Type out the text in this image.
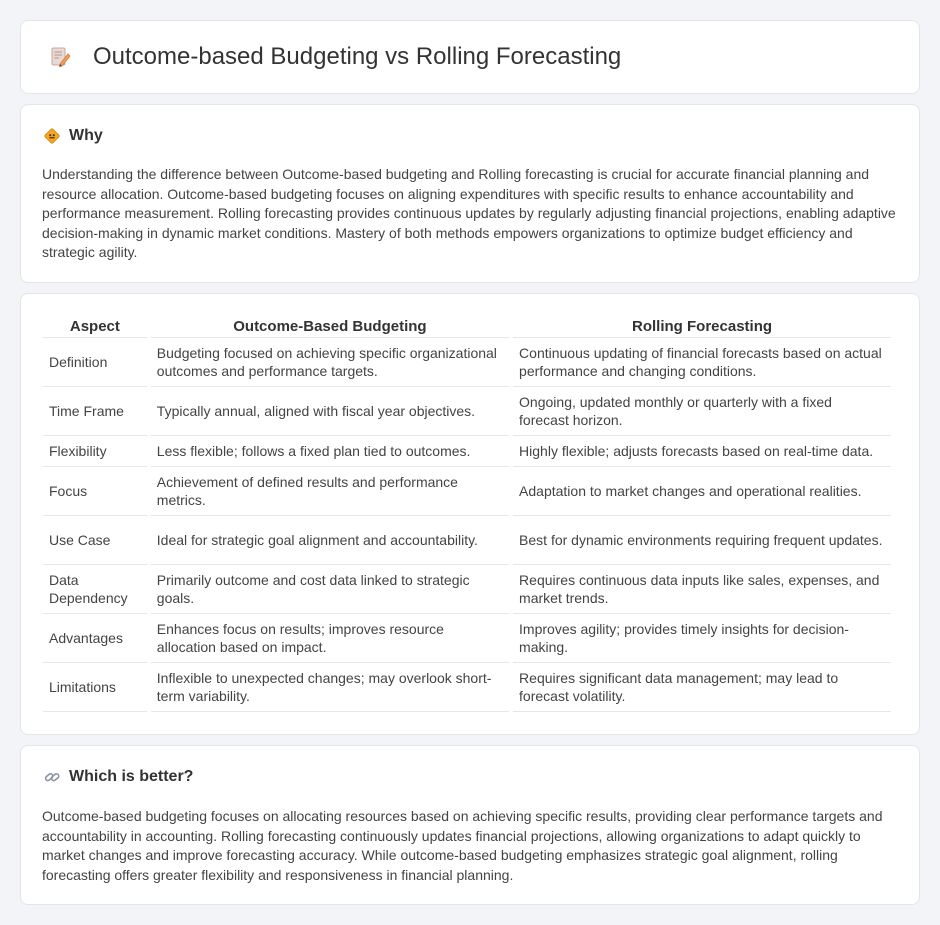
Outcome-based Budgeting vs Rolling Forecasting
Why

Understanding the difference between Outcome-based budgeting and Rolling forecasting is crucial for accurate financial planning and resource allocation. Outcome-based budgeting focuses on aligning expenditures with specific results to enhance accountability and performance measurement. Rolling forecasting provides continuous updates by regularly adjusting financial projections, enabling adaptive decision-making in dynamic market conditions. Mastery of both methods empowers organizations to optimize budget efficiency and strategic agility.

Aspect	Outcome-Based Budgeting	Rolling Forecasting
Definition	Budgeting focused on achieving specific organizational outcomes and performance targets.	Continuous updating of financial forecasts based on actual performance and changing conditions.
Time Frame	Typically annual, aligned with fiscal year objectives.	Ongoing, updated monthly or quarterly with a fixed forecast horizon.
Flexibility	Less flexible; follows a fixed plan tied to outcomes.	Highly flexible; adjusts forecasts based on real-time data.
Focus	Achievement of defined results and performance metrics.	Adaptation to market changes and operational realities.
Use Case	Ideal for strategic goal alignment and accountability.	Best for dynamic environments requiring frequent updates.
Data Dependency	Primarily outcome and cost data linked to strategic goals.	Requires continuous data inputs like sales, expenses, and market trends.
Advantages	Enhances focus on results; improves resource allocation based on impact.	Improves agility; provides timely insights for decision-making.
Limitations	Inflexible to unexpected changes; may overlook short-term variability.	Requires significant data management; may lead to forecast volatility.
Which is better?

Outcome-based budgeting focuses on allocating resources based on achieving specific results, providing clear performance targets and accountability in accounting. Rolling forecasting continuously updates financial projections, allowing organizations to adapt quickly to market changes and improve forecasting accuracy. While outcome-based budgeting emphasizes strategic goal alignment, rolling forecasting offers greater flexibility and responsiveness in financial planning.
